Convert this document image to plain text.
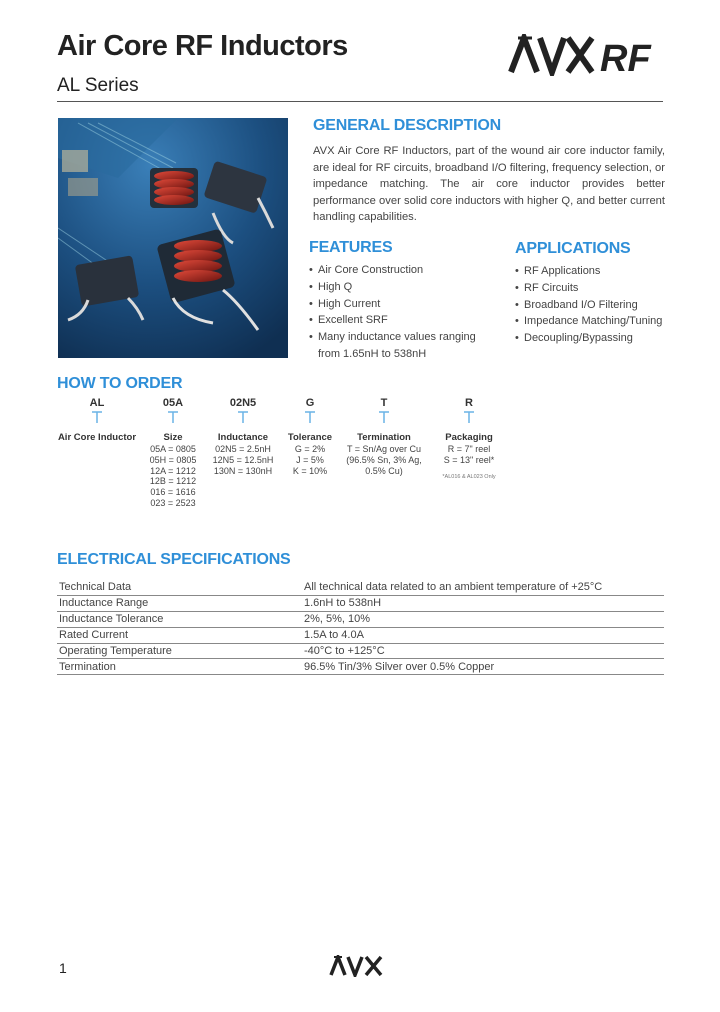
Air Core RF Inductors
AL Series
RF
GENERAL DESCRIPTION
AVX Air Core RF Inductors, part of the wound air core inductor family, are ideal for RF circuits, broadband I/O filtering, frequency selection, or impedance matching. The air core inductor provides better performance over solid core inductors with higher Q, and better current handling capabilities.
FEATURES
• Air Core Construction
• High Q
• High Current
• Excellent SRF
• Many inductance values ranging from 1.65nH to 538nH
APPLICATIONS
• RF Applications
• RF Circuits
• Broadband I/O Filtering
• Impedance Matching/Tuning
• Decoupling/Bypassing
HOW TO ORDER
AL
Air Core Inductor
05A
Size
05A = 0805
05H = 0805
12A = 1212
12B = 1212
016 = 1616
023 = 2523
02N5
Inductance
02N5 = 2.5nH
12N5 = 12.5nH
130N = 130nH
G
Tolerance
G = 2%
J = 5%
K = 10%
T
Termination
T = Sn/Ag over Cu
(96.5% Sn, 3% Ag,
0.5% Cu)
R
Packaging
R = 7" reel
S = 13" reel*
*AL016 & AL023 Only
ELECTRICAL SPECIFICATIONS
Technical Data	All technical data related to an ambient temperature of +25°C
Inductance Range	1.6nH to 538nH
Inductance Tolerance	2%, 5%, 10%
Rated Current	1.5A to 4.0A
Operating Temperature	-40°C to +125°C
Termination	96.5% Tin/3% Silver over 0.5% Copper
1
